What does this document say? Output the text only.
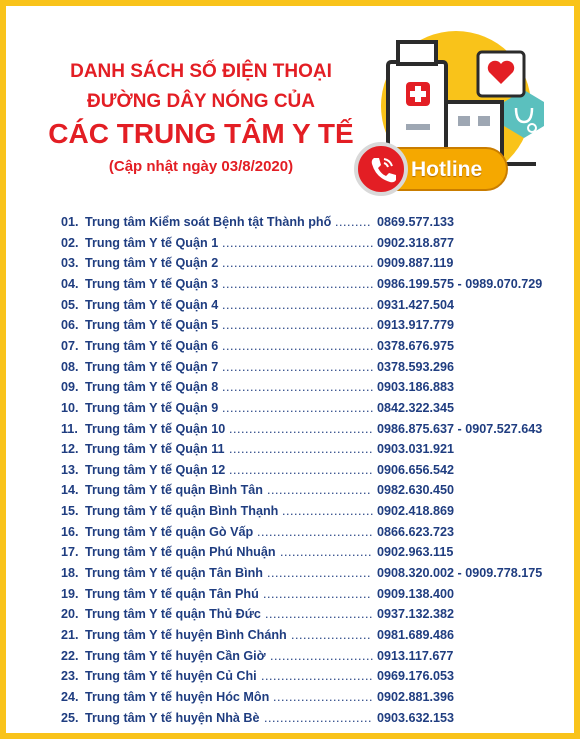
DANH SÁCH SỐ ĐIỆN THOẠI
ĐƯỜNG DÂY NÓNG CỦA
CÁC TRUNG TÂM Y TẾ
(Cập nhật ngày 03/8/2020)	Hotline
.........
01. Trung tâm Kiểm soát Bệnh tật Thành phố	0869.577.133
......................................
02. Trung tâm Y tế Quận 1	0902.318.877
......................................
03. Trung tâm Y tế Quận 2	0909.887.119
......................................
04. Trung tâm Y tế Quận 3	0986.199.575 - 0989.070.729
......................................
05. Trung tâm Y tế Quận 4	0931.427.504
......................................
06. Trung tâm Y tế Quận 5	0913.917.779
......................................
07. Trung tâm Y tế Quận 6	0378.676.975
......................................
08. Trung tâm Y tế Quận 7	0378.593.296
......................................
09. Trung tâm Y tế Quận 8	0903.186.883
......................................
10. Trung tâm Y tế Quận 9	0842.322.345
....................................
11. Trung tâm Y tế Quận 10	0986.875.637 - 0907.527.643
....................................
12. Trung tâm Y tế Quận 11	0903.031.921
....................................
13. Trung tâm Y tế Quận 12	0906.656.542
..........................
14. Trung tâm Y tế quận Bình Tân	0982.630.450
.......................
15. Trung tâm Y tế quận Bình Thạnh	0902.418.869
.............................
16. Trung tâm Y tế quận Gò Vấp	0866.623.723
.......................
17. Trung tâm Y tế quận Phú Nhuận	0902.963.115
..........................
18. Trung tâm Y tế quận Tân Bình	0908.320.002 - 0909.778.175
...........................
19. Trung tâm Y tế quận Tân Phú	0909.138.400
...........................
20. Trung tâm Y tế quận Thủ Đức	0937.132.382
....................
21. Trung tâm Y tế huyện Bình Chánh	0981.689.486
..........................
22. Trung tâm Y tế huyện Cần Giờ	0913.117.677
............................
23. Trung tâm Y tế huyện Củ Chi	0969.176.053
.........................
24. Trung tâm Y tế huyện Hóc Môn	0902.881.396
...........................
25. Trung tâm Y tế huyện Nhà Bè	0903.632.153
